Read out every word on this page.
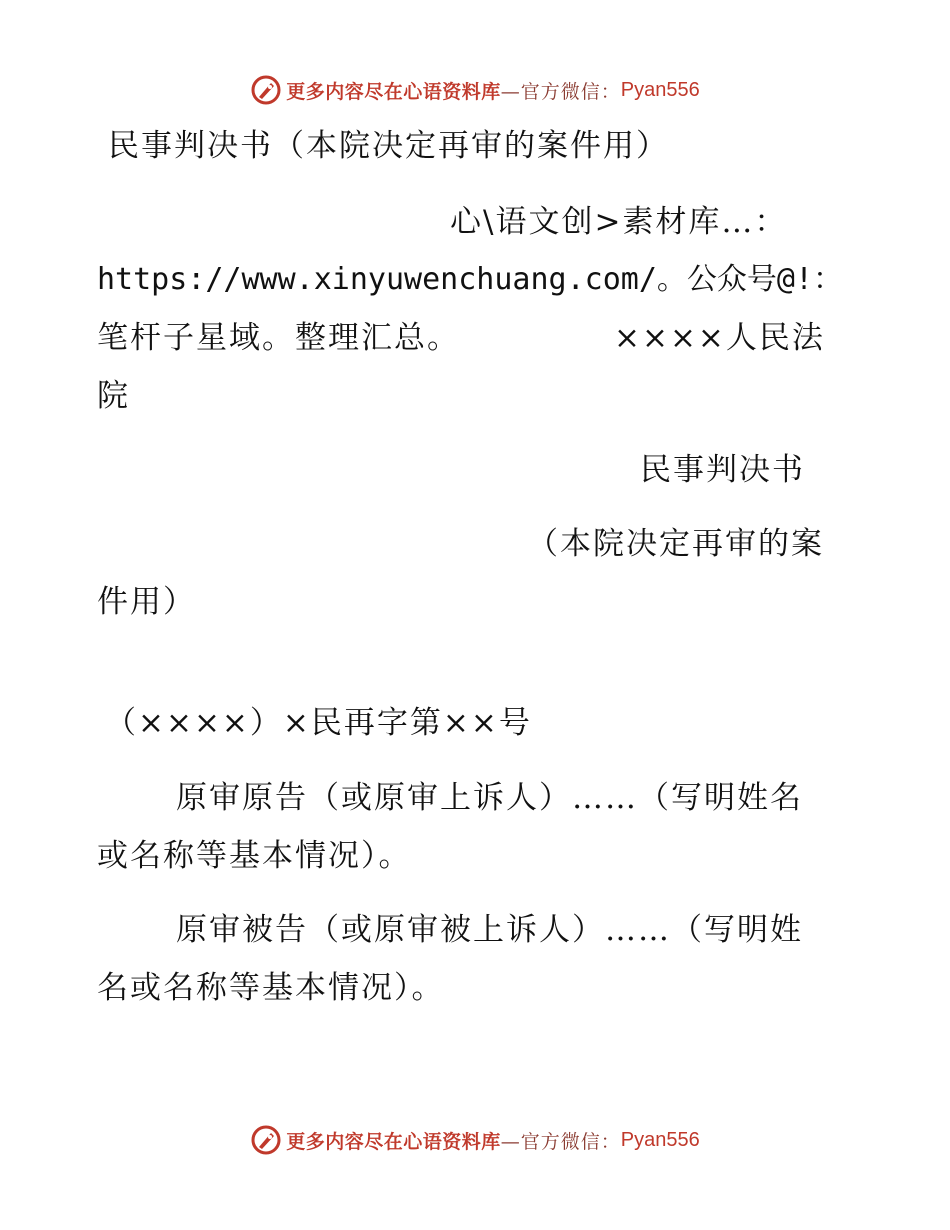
更多内容尽在心语资料库 —官方微信： Pyan556
民事判决书（本院决定再审的案件用）
心\语文创>素材库…：
https://www.xinyuwenchuang.com/。公众号@!：
笔杆子星域。整理汇总。	××××人民法
院
民事判决书
（本院决定再审的案
件用）
（××××）×民再字第××号
原审原告（或原审上诉人）……（写明姓名
或名称等基本情况）。
原审被告（或原审被上诉人）……（写明姓
名或名称等基本情况）。
更多内容尽在心语资料库 —官方微信： Pyan556
